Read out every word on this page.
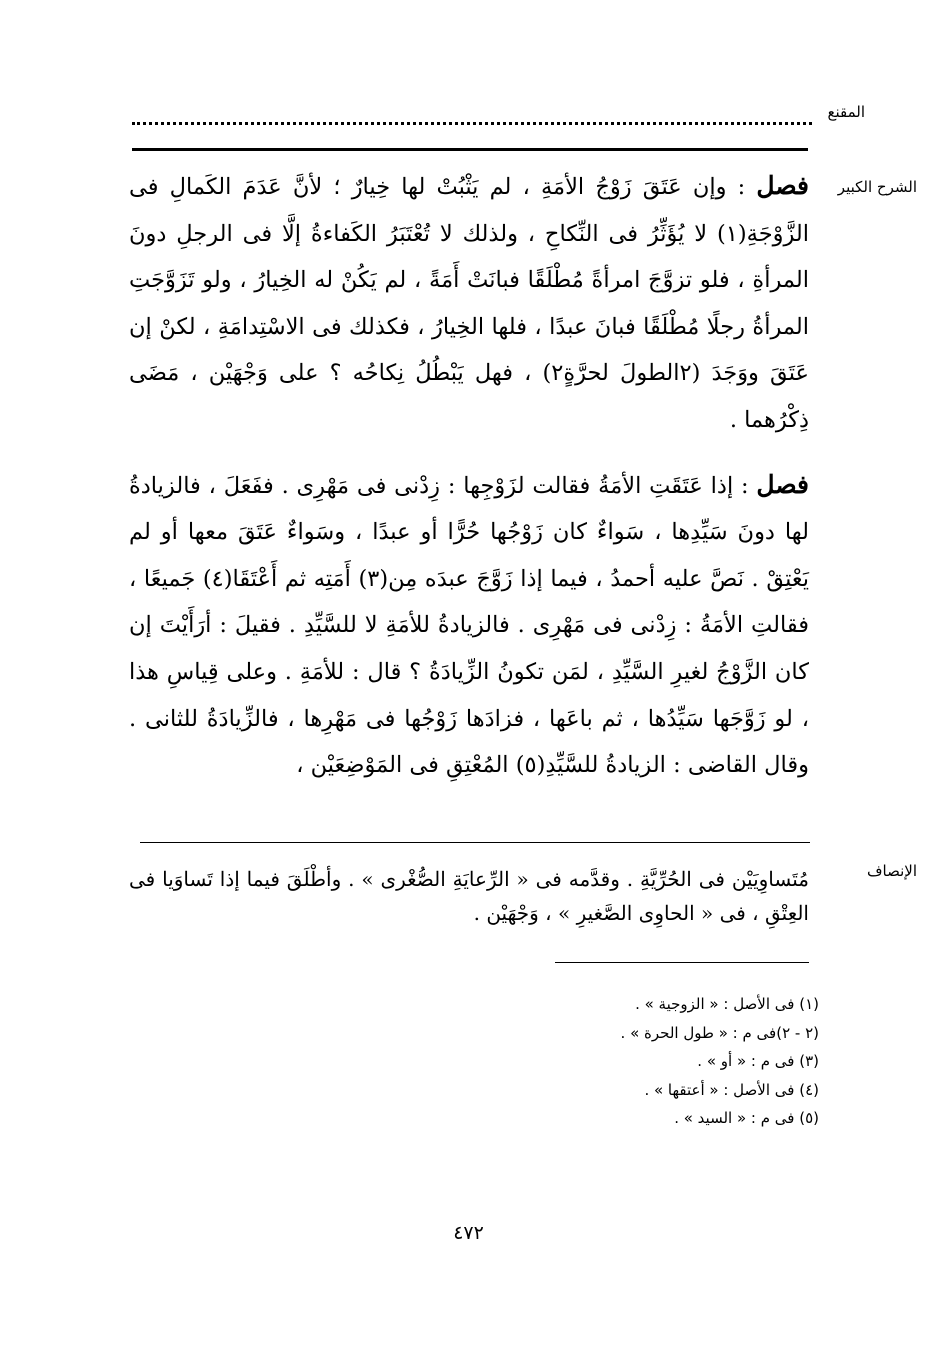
المقنع
الشرح الكبير

فصل : وإن عَتَقَ زَوْجُ الأمَةِ ، لم يَثْبُتْ لها خِيارٌ ؛ لأنَّ عَدَمَ الكَمالِ فى الزَّوْجَةِ(١) لا يُؤَثِّرُ فى النِّكاحِ ، ولذلك لا تُعْتَبَرُ الكَفاءةُ إلَّا فى الرجلِ دونَ المرأةِ ، فلو تزوَّجَ امرأةً مُطْلَقًا فبانَتْ أَمَةً ، لم يَكُنْ له الخِيارُ ، ولو تَزَوَّجَتِ المرأةُ رجلًا مُطْلَقًا فبانَ عبدًا ، فلها الخِيارُ ، فكذلك فى الاسْتِدامَةِ ، لكنْ إن عَتَقَ ووَجَدَ (٢الطولَ لحرَّةٍ٢) ، فهل يَبْطُلُ نِكاحُه ؟ على وَجْهَيْن ، مَضَى ذِكْرُهما .

فصل : إذا عَتَقَتِ الأمَةُ فقالت لزَوْجِها : زِدْنى فى مَهْرِى . ففَعَلَ ، فالزيادةُ لها دونَ سَيِّدِها ، سَواءٌ كان زَوْجُها حُرًّا أو عبدًا ، وسَواءٌ عَتَقَ معها أو لم يَعْتِقْ . نَصَّ عليه أحمدُ ، فيما إذا زَوَّجَ عبدَه مِن(٣) أَمَتِه ثم أَعْتَقَا(٤) جَميعًا ، فقالتِ الأمَةُ : زِدْنى فى مَهْرِى . فالزيادةُ للأمَةِ لا للسَّيِّدِ . فقيلَ : أرَأَيْتَ إن كان الزَّوْجُ لغيرِ السَّيِّدِ ، لمَن تكونُ الزِّيادَةُ ؟ قال : للأمَةِ . وعلى قِياسِ هذا ، لو زَوَّجَها سَيِّدُها ، ثم باعَها ، فزادَها زَوْجُها فى مَهْرِها ، فالزِّيادَةُ للثانى . وقال القاضى : الزيادةُ للسَّيِّدِ(٥) المُعْتِقِ فى المَوْضِعَيْن ،

الإنصاف

مُتَساوِيَيْن فى الحُرِّيَّةِ . وقدَّمه فى « الرِّعايَةِ الصُّغْرى » . وأطْلَقَ فيما إذا تَساوَيا فى العِتْقِ ، فى « الحاوِى الصَّغيرِ » ، وَجْهَيْن .

(١) فى الأصل : « الزوجية » .
(٢ - ٢)فى م : « طول الحرة » .
(٣) فى م : « أو » .
(٤) فى الأصل : « أعتقها » .
(٥) فى م : « السيد » .
٤٧٢
